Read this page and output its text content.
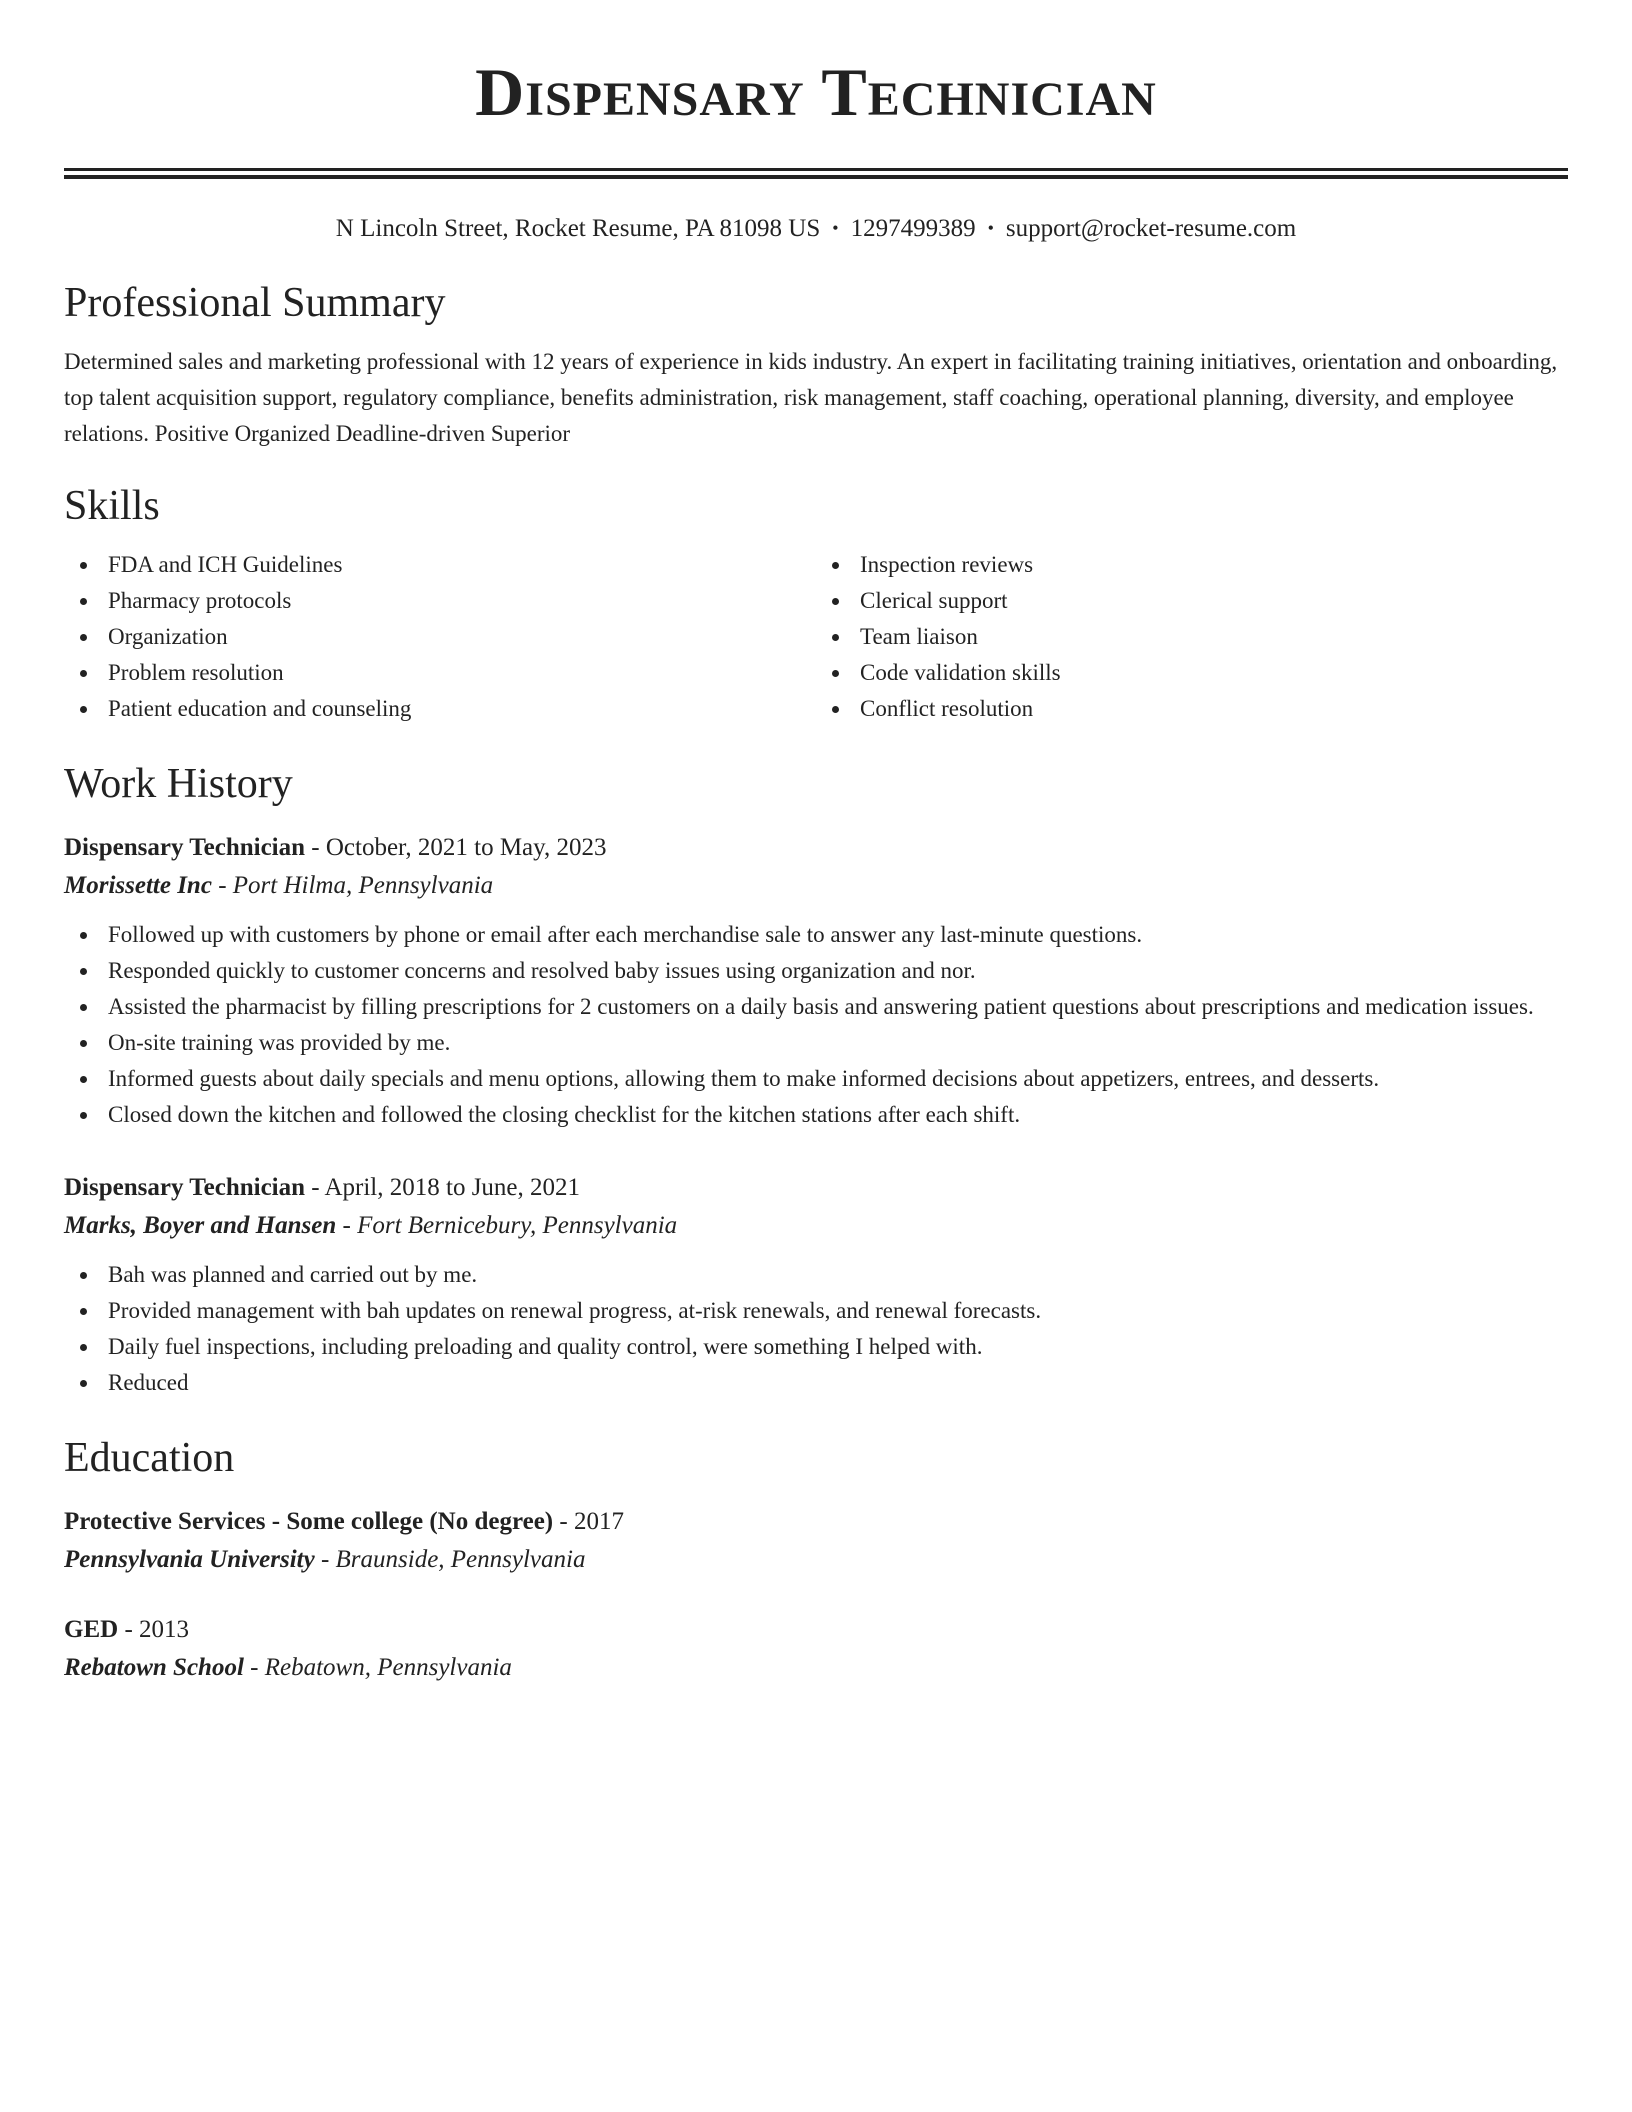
Dispensary Technician
N Lincoln Street, Rocket Resume, PA 81098 US • 1297499389 • support@rocket-resume.com
Professional Summary

Determined sales and marketing professional with 12 years of experience in kids industry. An expert in facilitating training initiatives, orientation and onboarding, top talent acquisition support, regulatory compliance, benefits administration, risk management, staff coaching, operational planning, diversity, and employee relations. Positive Organized Deadline-driven Superior

Skills
FDA and ICH Guidelines
Pharmacy protocols
Organization
Problem resolution
Patient education and counseling
Inspection reviews
Clerical support
Team liaison
Code validation skills
Conflict resolution
Work History
Dispensary Technician - October, 2021 to May, 2023
Morissette Inc - Port Hilma, Pennsylvania
Followed up with customers by phone or email after each merchandise sale to answer any last-minute questions.
Responded quickly to customer concerns and resolved baby issues using organization and nor.
Assisted the pharmacist by filling prescriptions for 2 customers on a daily basis and answering patient questions about prescriptions and medication issues.
On-site training was provided by me.
Informed guests about daily specials and menu options, allowing them to make informed decisions about appetizers, entrees, and desserts.
Closed down the kitchen and followed the closing checklist for the kitchen stations after each shift.
Dispensary Technician - April, 2018 to June, 2021
Marks, Boyer and Hansen - Fort Bernicebury, Pennsylvania
Bah was planned and carried out by me.
Provided management with bah updates on renewal progress, at-risk renewals, and renewal forecasts.
Daily fuel inspections, including preloading and quality control, were something I helped with.
Reduced
Education
Protective Services - Some college (No degree) - 2017
Pennsylvania University - Braunside, Pennsylvania
GED - 2013
Rebatown School - Rebatown, Pennsylvania
